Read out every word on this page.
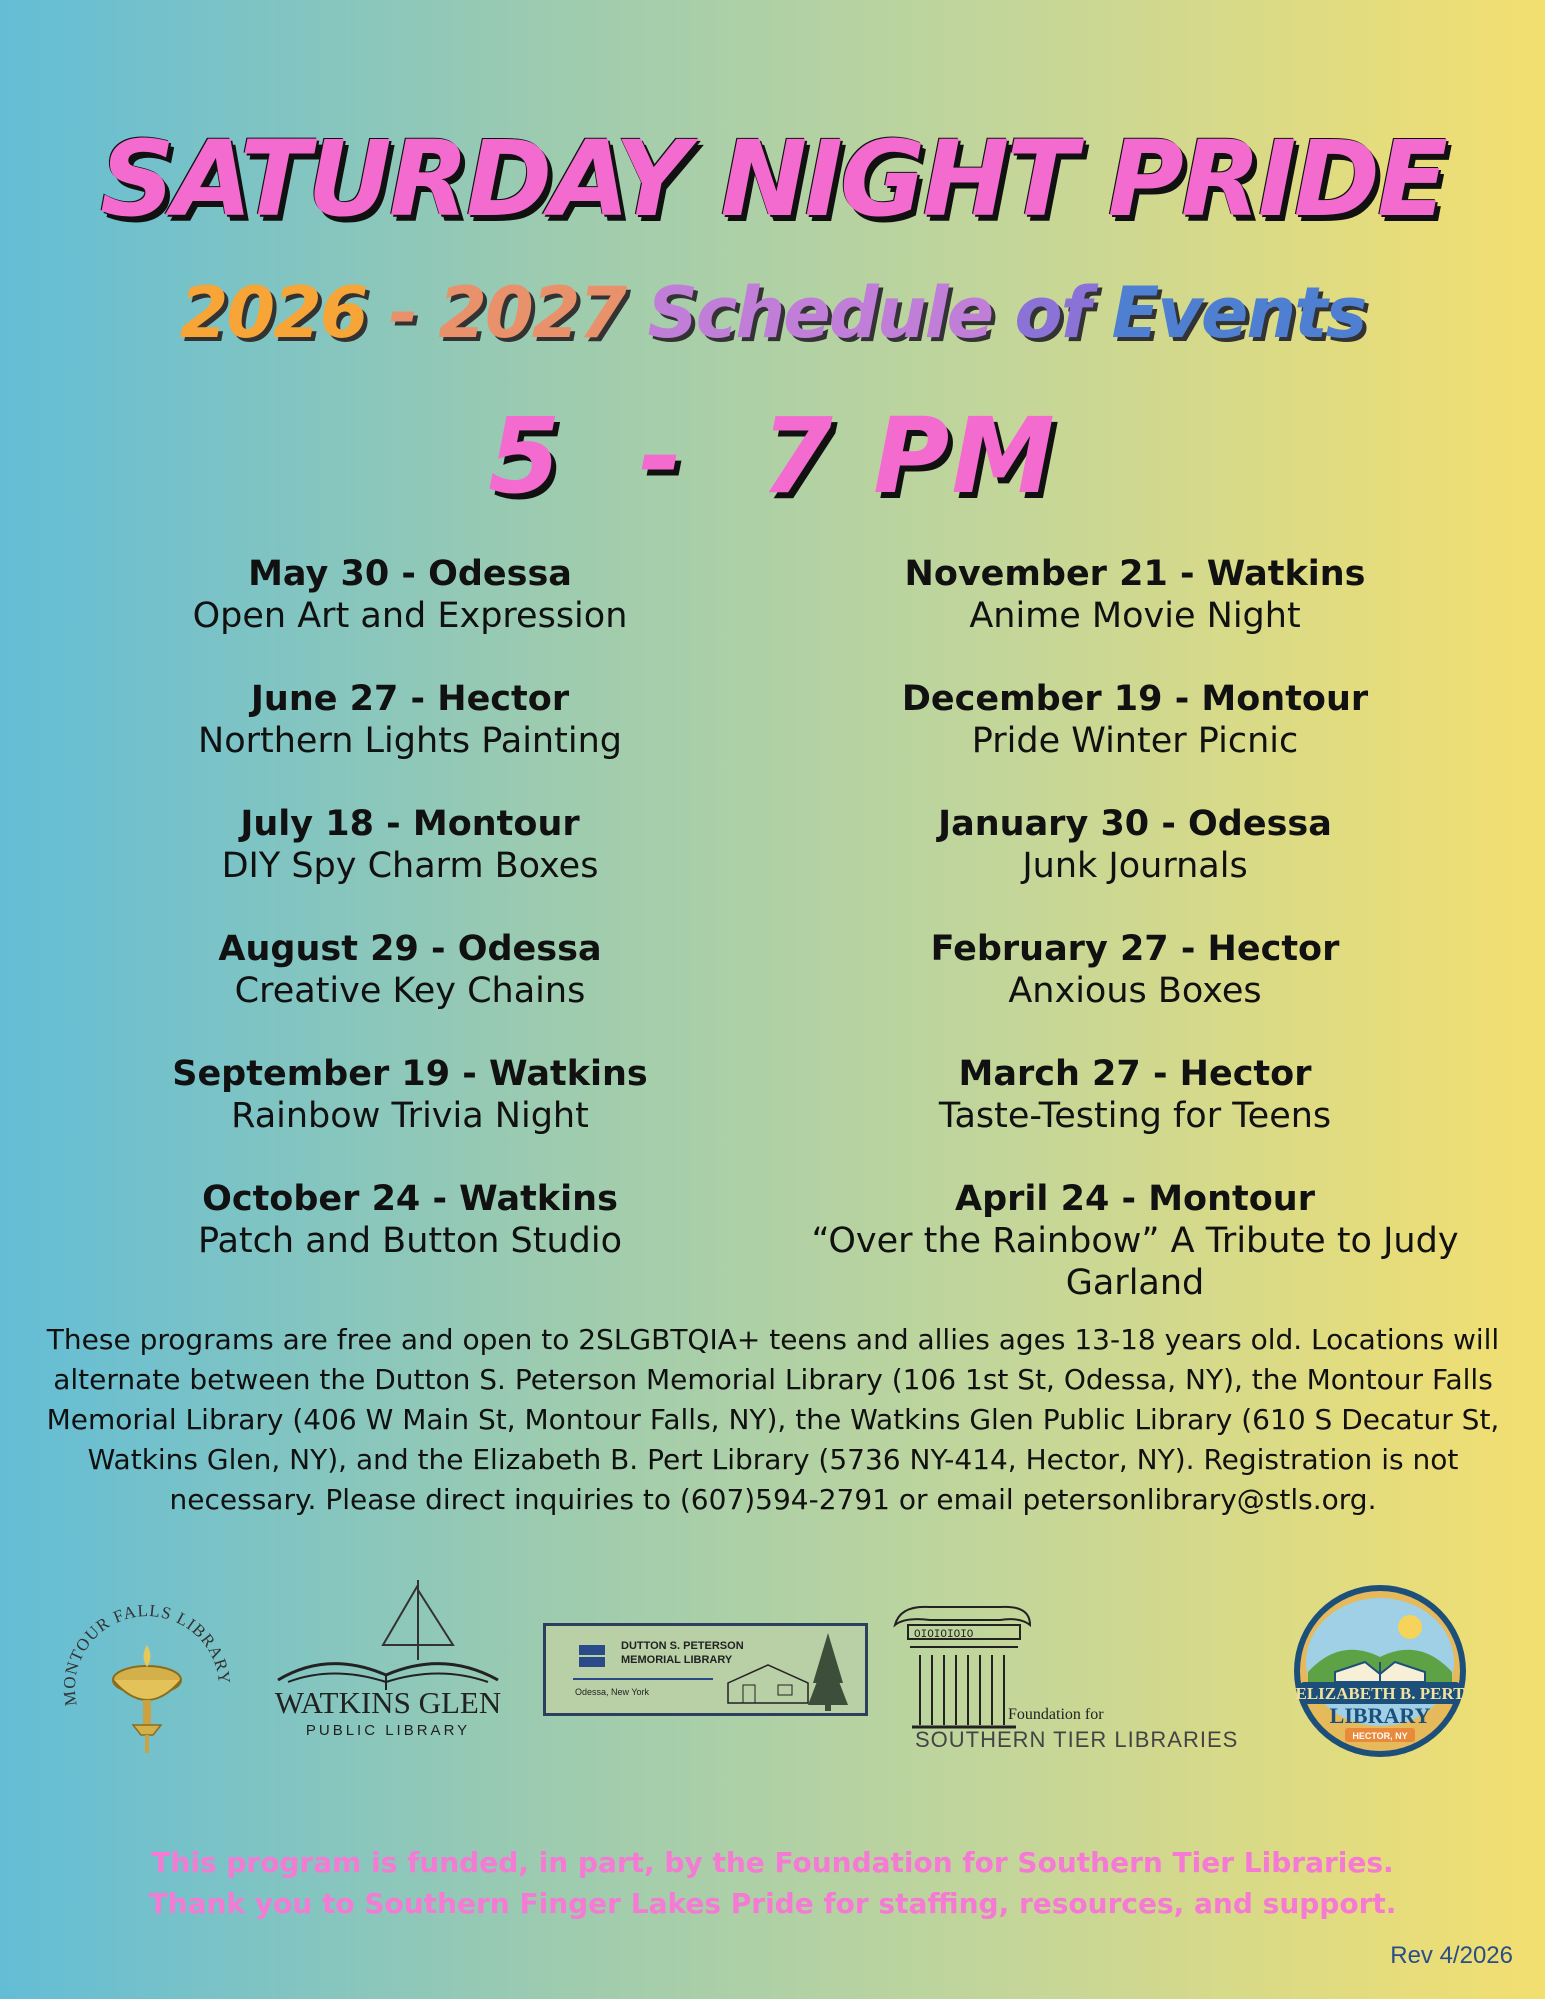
SATURDAY NIGHT PRIDE
2026 - 2027 Schedule of Events
5  -  7 PM
May 30 - Odessa
Open Art and Expression
June 27 - Hector
Northern Lights Painting
July 18 - Montour
DIY Spy Charm Boxes
August 29 - Odessa
Creative Key Chains
September 19 - Watkins
Rainbow Trivia Night
October 24 - Watkins
Patch and Button Studio
November 21 - Watkins
Anime Movie Night
December 19 - Montour
Pride Winter Picnic
January 30 - Odessa
Junk Journals
February 27 - Hector
Anxious Boxes
March 27 - Hector
Taste-Testing for Teens
April 24 - Montour
“Over the Rainbow” A Tribute to Judy Garland
These programs are free and open to 2SLGBTQIA+ teens and allies ages 13-18 years old. Locations will alternate between the Dutton S. Peterson Memorial Library (106 1st St, Odessa, NY), the Montour Falls Memorial Library (406 W Main St, Montour Falls, NY), the Watkins Glen Public Library (610 S Decatur St, Watkins Glen, NY), and the Elizabeth B. Pert Library (5736 NY-414, Hector, NY). Registration is not necessary. Please direct inquiries to (607)594-2791 or email petersonlibrary@stls.org.
MONTOUR FALLS LIBRARY
WATKINS GLEN
PUBLIC LIBRARY
DUTTON S. PETERSON
MEMORIAL LIBRARY
Odessa, New York
OIOIOIOIO
Foundation for
SOUTHERN TIER LIBRARIES
ELIZABETH B. PERT
LIBRARY
HECTOR, NY
This program is funded, in part, by the Foundation for Southern Tier Libraries.
Thank you to Southern Finger Lakes Pride for staffing, resources, and support.
Rev 4/2026
